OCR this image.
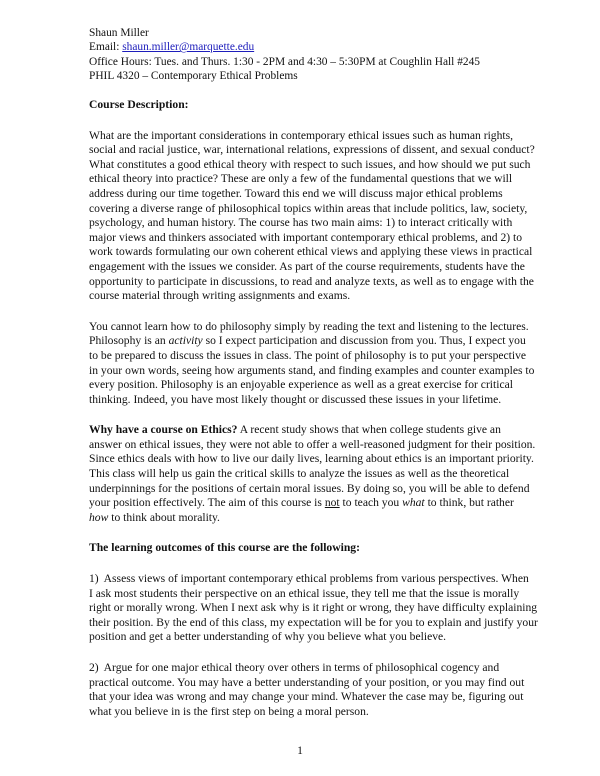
Shaun Miller
Email: shaun.miller@marquette.edu
Office Hours: Tues. and Thurs. 1:30 - 2PM and 4:30 – 5:30PM at Coughlin Hall #245
PHIL 4320 – Contemporary Ethical Problems

Course Description:

What are the important considerations in contemporary ethical issues such as human rights,
social and racial justice, war, international relations, expressions of dissent, and sexual conduct?
What constitutes a good ethical theory with respect to such issues, and how should we put such
ethical theory into practice? These are only a few of the fundamental questions that we will
address during our time together. Toward this end we will discuss major ethical problems
covering a diverse range of philosophical topics within areas that include politics, law, society,
psychology, and human history. The course has two main aims: 1) to interact critically with
major views and thinkers associated with important contemporary ethical problems, and 2) to
work towards formulating our own coherent ethical views and applying these views in practical
engagement with the issues we consider. As part of the course requirements, students have the
opportunity to participate in discussions, to read and analyze texts, as well as to engage with the
course material through writing assignments and exams.

You cannot learn how to do philosophy simply by reading the text and listening to the lectures.
Philosophy is an activity so I expect participation and discussion from you. Thus, I expect you
to be prepared to discuss the issues in class. The point of philosophy is to put your perspective
in your own words, seeing how arguments stand, and finding examples and counter examples to
every position. Philosophy is an enjoyable experience as well as a great exercise for critical
thinking. Indeed, you have most likely thought or discussed these issues in your lifetime.

Why have a course on Ethics? A recent study shows that when college students give an
answer on ethical issues, they were not able to offer a well-reasoned judgment for their position.
Since ethics deals with how to live our daily lives, learning about ethics is an important priority.
This class will help us gain the critical skills to analyze the issues as well as the theoretical
underpinnings for the positions of certain moral issues. By doing so, you will be able to defend
your position effectively. The aim of this course is not to teach you what to think, but rather
how to think about morality.

The learning outcomes of this course are the following:

1) Assess views of important contemporary ethical problems from various perspectives. When
I ask most students their perspective on an ethical issue, they tell me that the issue is morally
right or morally wrong. When I next ask why is it right or wrong, they have difficulty explaining
their position. By the end of this class, my expectation will be for you to explain and justify your
position and get a better understanding of why you believe what you believe.

2) Argue for one major ethical theory over others in terms of philosophical cogency and
practical outcome. You may have a better understanding of your position, or you may find out
that your idea was wrong and may change your mind. Whatever the case may be, figuring out
what you believe in is the first step on being a moral person.

1
